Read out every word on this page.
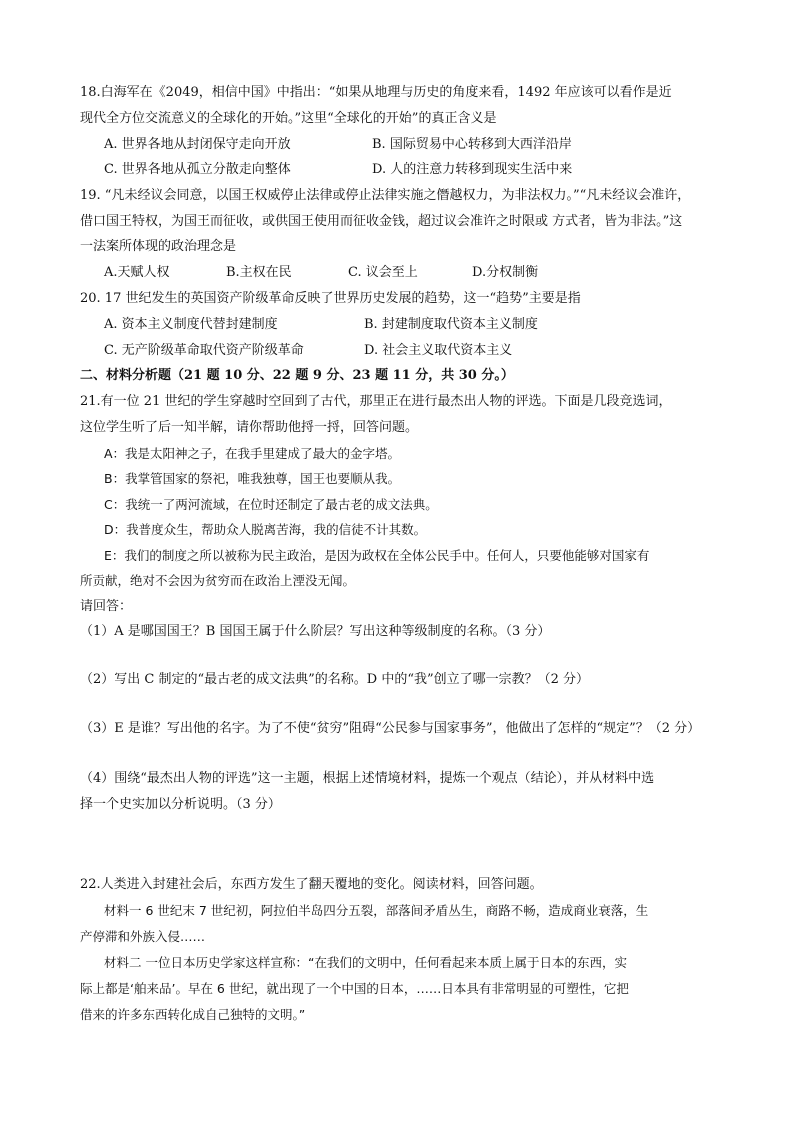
18.白海军在《2049，相信中国》中指出：“如果从地理与历史的角度来看，1492 年应该可以看作是近
现代全方位交流意义的全球化的开始。”这里“全球化的开始”的真正含义是
A. 世界各地从封闭保守走向开放	B. 国际贸易中心转移到大西洋沿岸
C. 世界各地从孤立分散走向整体	D. 人的注意力转移到现实生活中来
19. “凡未经议会同意，以国王权威停止法律或停止法律实施之僭越权力，为非法权力。”“凡未经议会准许，
借口国王特权，为国王而征收，或供国王使用而征收金钱，超过议会准许之时限或 方式者，皆为非法。”这
一法案所体现的政治理念是
A.天赋人权	B.主权在民	C. 议会至上	D.分权制衡
20. 17 世纪发生的英国资产阶级革命反映了世界历史发展的趋势，这一“趋势”主要是指
A. 资本主义制度代替封建制度	B. 封建制度取代资本主义制度
C. 无产阶级革命取代资产阶级革命	D. 社会主义取代资本主义
二、材料分析题（21 题 10 分、22 题 9 分、23 题 11 分，共 30 分。）
21.有一位 21 世纪的学生穿越时空回到了古代，那里正在进行最杰出人物的评选。下面是几段竞选词，
这位学生听了后一知半解，请你帮助他捋一捋，回答问题。
A：我是太阳神之子，在我手里建成了最大的金字塔。
B：我掌管国家的祭祀，唯我独尊，国王也要顺从我。
C：我统一了两河流域，在位时还制定了最古老的成文法典。
D：我普度众生，帮助众人脱离苦海，我的信徒不计其数。
E：我们的制度之所以被称为民主政治，是因为政权在全体公民手中。任何人，只要他能够对国家有
所贡献，绝对不会因为贫穷而在政治上湮没无闻。
请回答：
（1）A 是哪国国王？B 国国王属于什么阶层？写出这种等级制度的名称。（3 分）
（2）写出 C 制定的“最古老的成文法典”的名称。D 中的“我”创立了哪一宗教？（2 分）
（3）E 是谁？写出他的名字。为了不使“贫穷”阻碍“公民参与国家事务”，他做出了怎样的“规定”？（2 分）
（4）围绕“最杰出人物的评选”这一主题，根据上述情境材料，提炼一个观点（结论），并从材料中选
择一个史实加以分析说明。（3 分）
22.人类进入封建社会后，东西方发生了翻天覆地的变化。阅读材料，回答问题。
材料一 6 世纪末 7 世纪初，阿拉伯半岛四分五裂，部落间矛盾丛生，商路不畅，造成商业衰落，生
产停滞和外族入侵……
材料二 一位日本历史学家这样宣称：“在我们的文明中，任何看起来本质上属于日本的东西，实
际上都是‘舶来品’。早在 6 世纪，就出现了一个中国的日本，……日本具有非常明显的可塑性，它把
借来的许多东西转化成自己独特的文明。”
